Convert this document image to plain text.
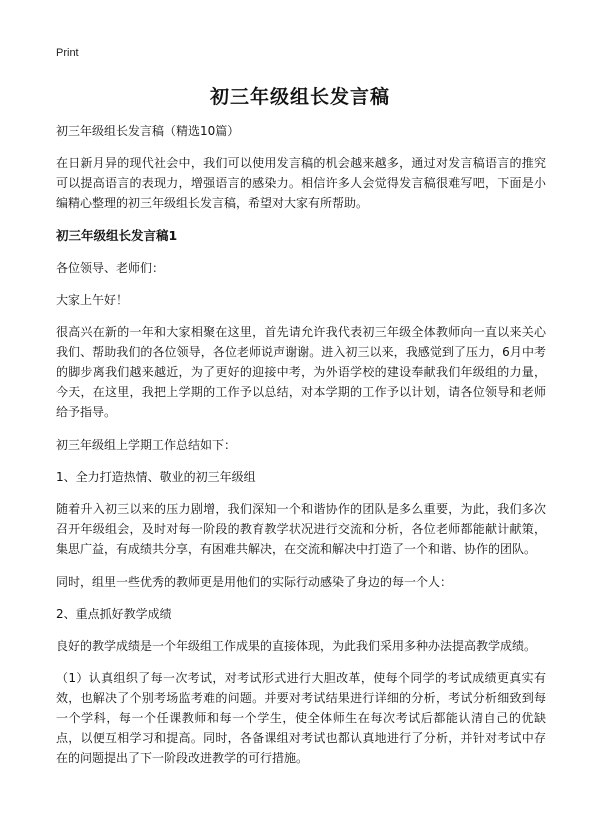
Print
初三年级组长发言稿

初三年级组长发言稿（精选10篇）

在日新月异的现代社会中，我们可以使用发言稿的机会越来越多，通过对发言稿语言的推究可以提高语言的表现力，增强语言的感染力。相信许多人会觉得发言稿很难写吧，下面是小编精心整理的初三年级组长发言稿，希望对大家有所帮助。

初三年级组长发言稿1

各位领导、老师们：

大家上午好！

很高兴在新的一年和大家相聚在这里，首先请允许我代表初三年级全体教师向一直以来关心我们、帮助我们的各位领导，各位老师说声谢谢。进入初三以来，我感觉到了压力，6月中考的脚步离我们越来越近，为了更好的迎接中考，为外语学校的建设奉献我们年级组的力量，今天，在这里，我把上学期的工作予以总结，对本学期的工作予以计划，请各位领导和老师给予指导。

初三年级组上学期工作总结如下：

1、全力打造热情、敬业的初三年级组

随着升入初三以来的压力剧增，我们深知一个和谐协作的团队是多么重要，为此，我们多次召开年级组会，及时对每一阶段的教育教学状况进行交流和分析，各位老师都能献计献策，集思广益，有成绩共分享，有困难共解决，在交流和解决中打造了一个和谐、协作的团队。

同时，组里一些优秀的教师更是用他们的实际行动感染了身边的每一个人：

2、重点抓好教学成绩

良好的教学成绩是一个年级组工作成果的直接体现，为此我们采用多种办法提高教学成绩。

（1）认真组织了每一次考试，对考试形式进行大胆改革，使每个同学的考试成绩更真实有效，也解决了个别考场监考难的问题。并要对考试结果进行详细的分析，考试分析细致到每一个学科，每一个任课教师和每一个学生，使全体师生在每次考试后都能认清自己的优缺点，以便互相学习和提高。同时，各备课组对考试也都认真地进行了分析，并针对考试中存在的问题提出了下一阶段改进教学的可行措施。
